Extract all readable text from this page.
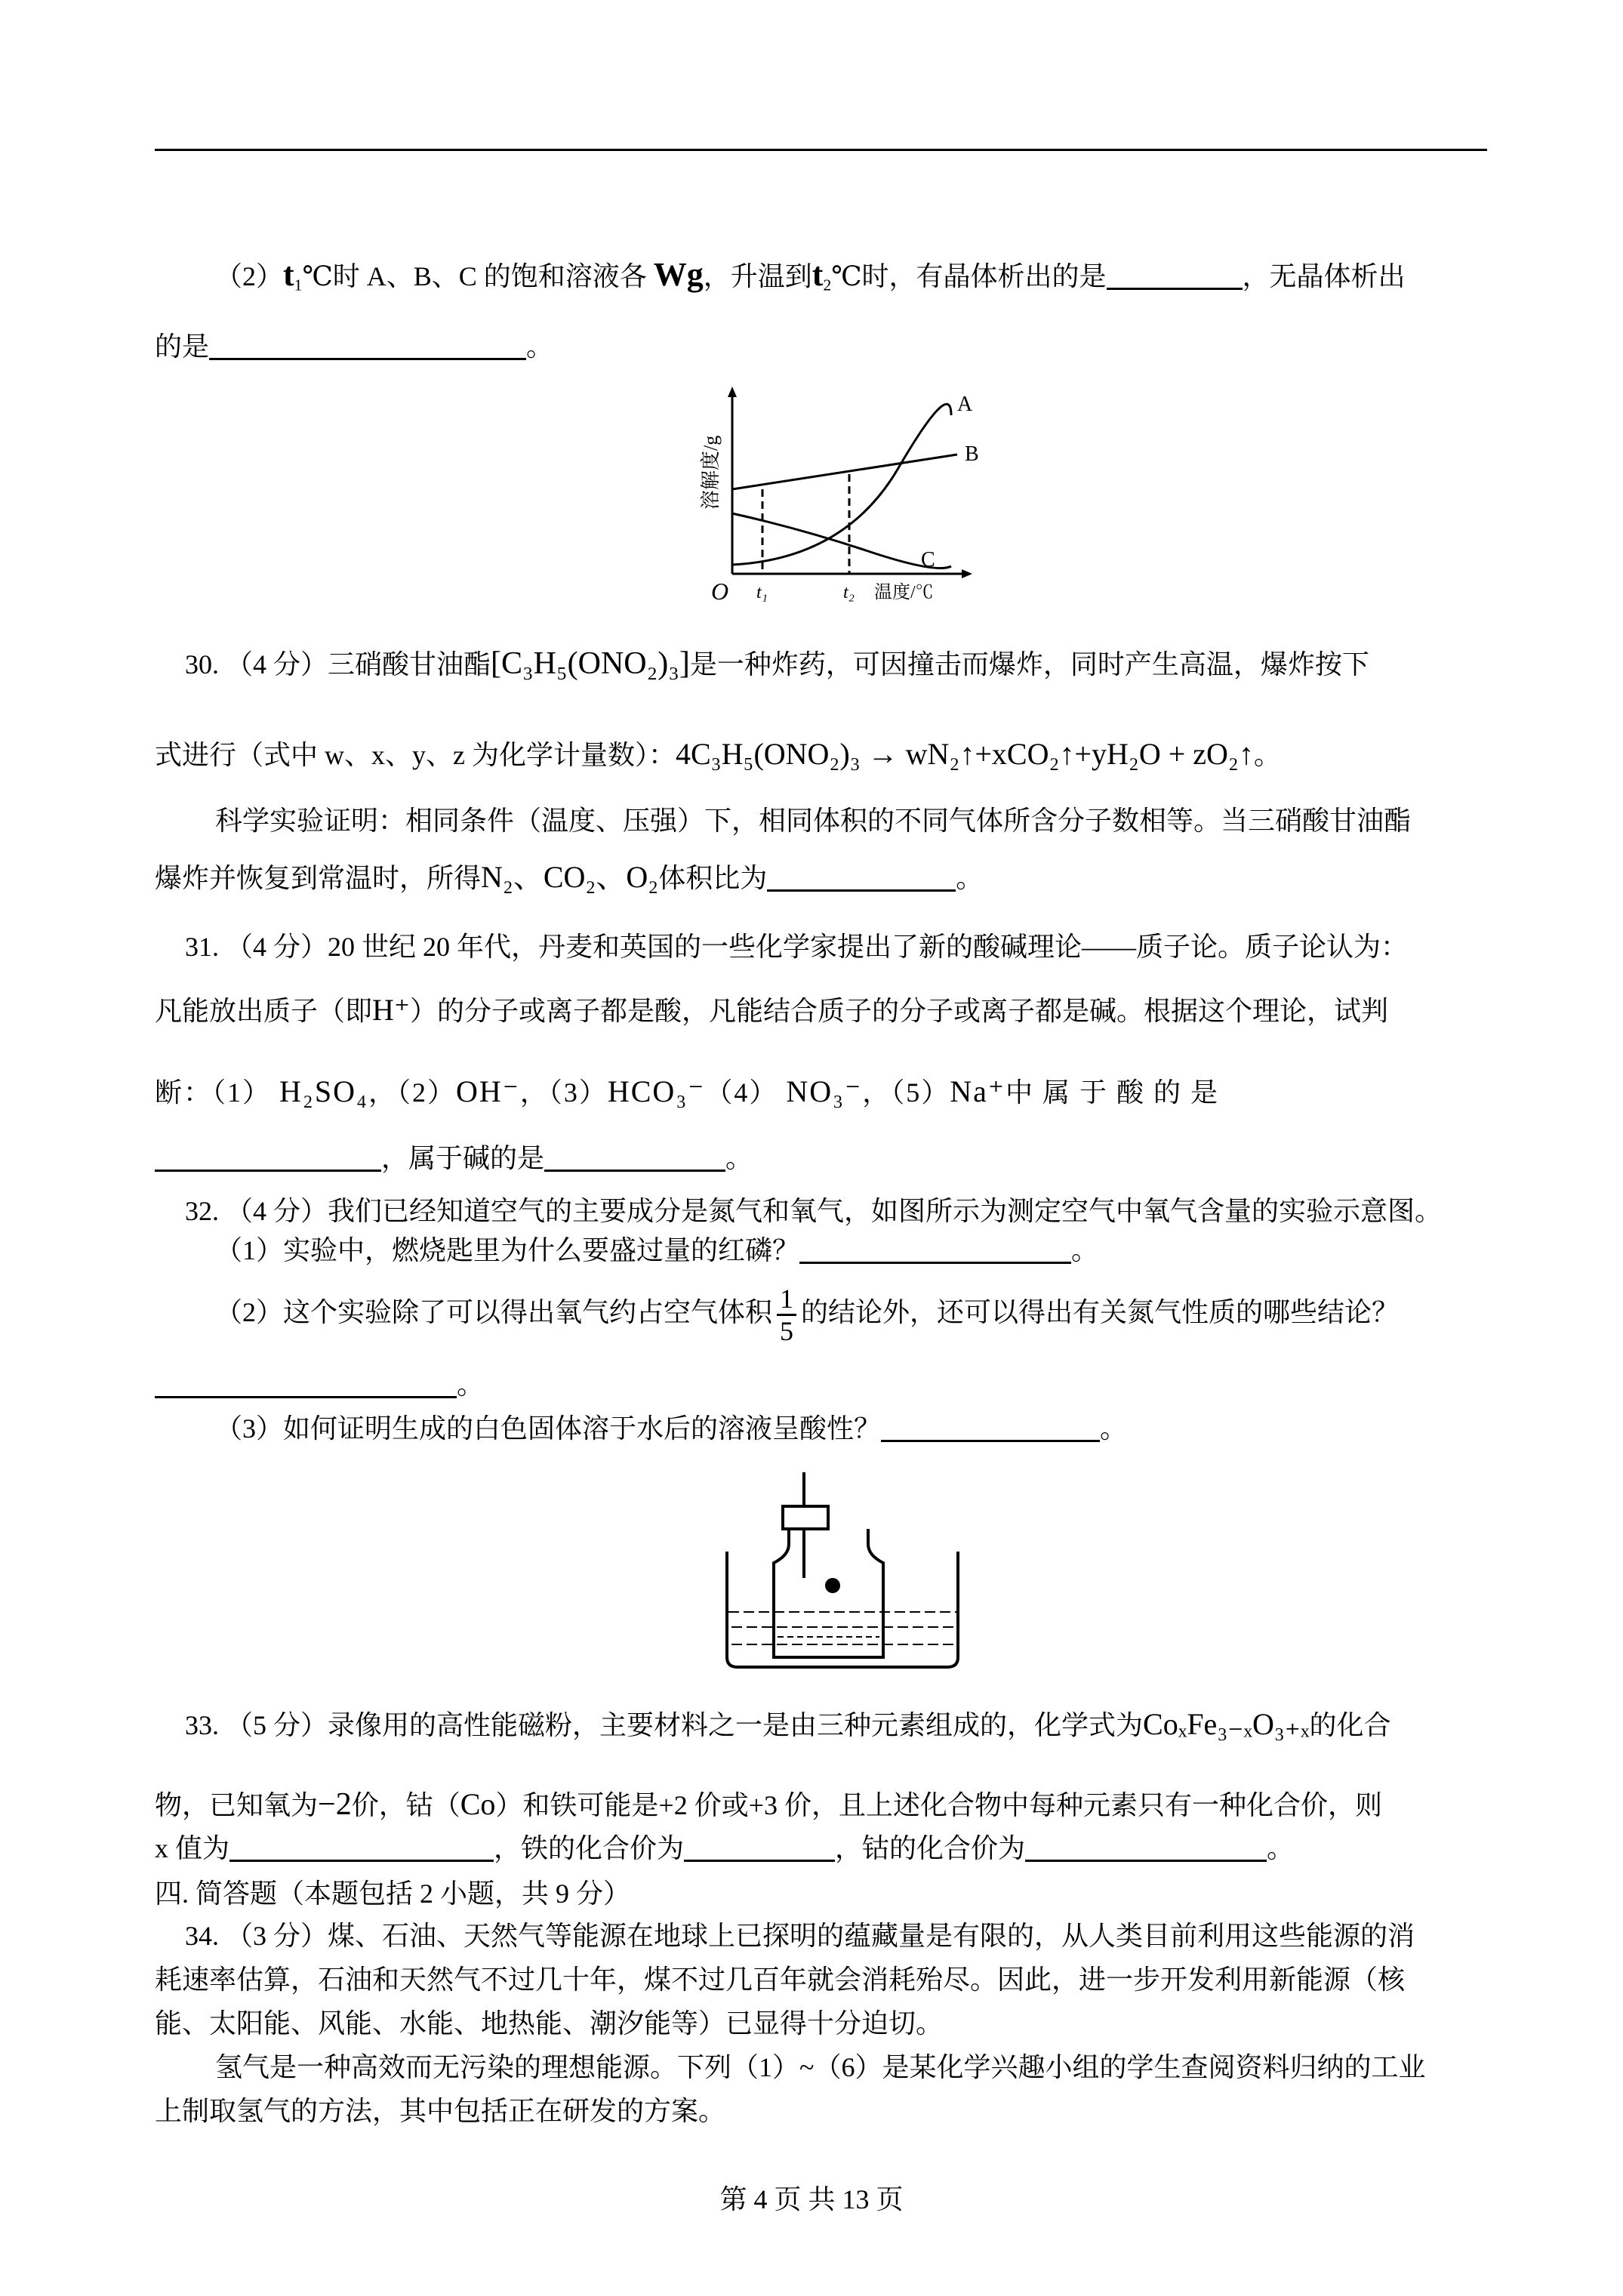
$(2)t_1℃$时 A、B、C 的饱和溶液各 Wg，升温到$t_2℃$时，有晶体析出的是	，无晶体析出
的是	。
A
B
C
O t₁	t₂ 温度/℃
溶解度/g
30. （4 分）三硝酸甘油酯[C₃H₅(ONO₂)₃]是一种炸药，可因撞击而爆炸，同时产生高温，爆炸按下
式进行（式中 w、x、y、z 为化学计量数）：4C₃H₅(ONO₂)₃ → wN₂↑+xCO₂↑+yH₂O + zO₂↑。
科学实验证明：相同条件（温度、压强）下，相同体积的不同气体所含分子数相等。当三硝酸甘油酯
爆炸并恢复到常温时，所得N₂、CO₂、O₂体积比为	。
31. （4 分）20 世纪 20 年代，丹麦和英国的一些化学家提出了新的酸碱理论——质子论。质子论认为：
凡能放出质子（即H⁺）的分子或离子都是酸，凡能结合质子的分子或离子都是碱。根据这个理论，试判
断：（1） H₂SO₄，（2）OH⁻，（3）HCO₃⁻（4） NO₃⁻，（5）Na⁺中 属 于 酸 的 是
，属于碱的是	。
32. （4 分）我们已经知道空气的主要成分是氮气和氧气，如图所示为测定空气中氧气含量的实验示意图。
（1）实验中，燃烧匙里为什么要盛过量的红磷？	。
（2）这个实验除了可以得出氧气约占空气体积 $\frac{1}{5}$ 的结论外，还可以得出有关氮气性质的哪些结论？
。
（3）如何证明生成的白色固体溶于水后的溶液呈酸性？	。
33. （5 分）录像用的高性能磁粉，主要材料之一是由三种元素组成的，化学式为CoₓFe₃₋ₓO₃₊ₓ的化合
物，已知氧为−2价，钴（Co）和铁可能是+2 价或+3 价，且上述化合物中每种元素只有一种化合价，则
x 值为	，铁的化合价为	，钴的化合价为	。
四. 简答题（本题包括 2 小题，共 9 分）
34. （3 分）煤、石油、天然气等能源在地球上已探明的蕴藏量是有限的，从人类目前利用这些能源的消
耗速率估算，石油和天然气不过几十年，煤不过几百年就会消耗殆尽。因此，进一步开发利用新能源（核
能、太阳能、风能、水能、地热能、潮汐能等）已显得十分迫切。
氢气是一种高效而无污染的理想能源。下列（1）~（6）是某化学兴趣小组的学生查阅资料归纳的工业
上制取氢气的方法，其中包括正在研发的方案。
第 4 页 共 13 页
